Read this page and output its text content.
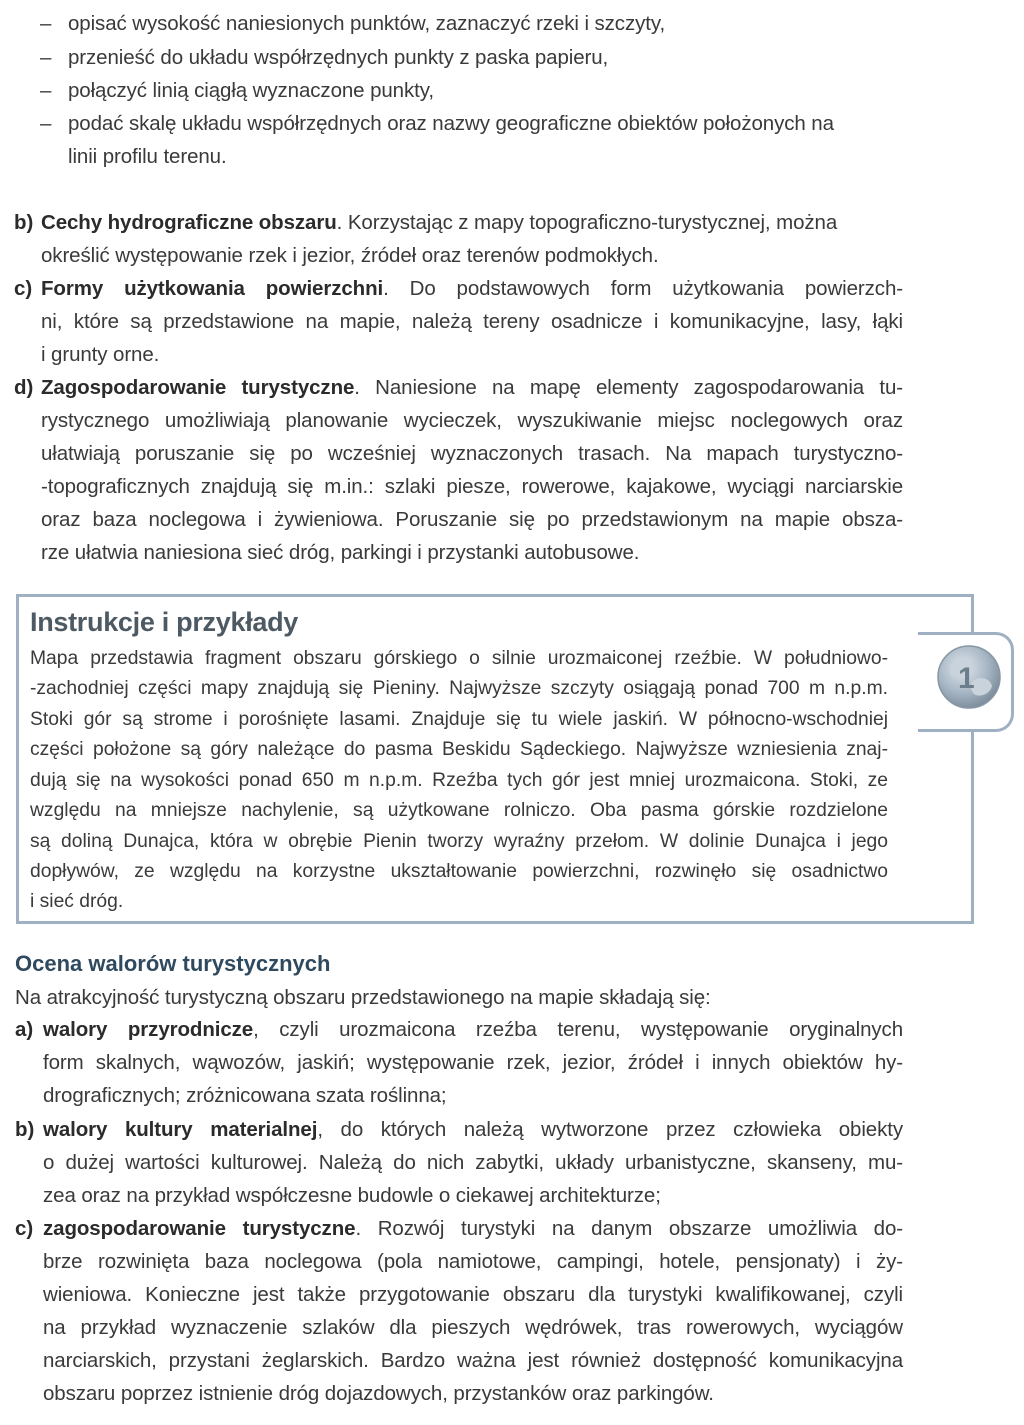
– opisać wysokość naniesionych punktów, zaznaczyć rzeki i szczyty,
– przenieść do układu współrzędnych punkty z paska papieru,
– połączyć linią ciągłą wyznaczone punkty,
– podać skalę układu współrzędnych oraz nazwy geograficzne obiektów położonych na
linii profilu terenu.
b) Cechy hydrograficzne obszaru. Korzystając z mapy topograficzno-turystycznej, można
określić występowanie rzek i jezior, źródeł oraz terenów podmokłych.
c) Formy użytkowania powierzchni. Do podstawowych form użytkowania powierzch-
ni, które są przedstawione na mapie, należą tereny osadnicze i komunikacyjne, lasy, łąki
i grunty orne.
d) Zagospodarowanie turystyczne. Naniesione na mapę elementy zagospodarowania tu-
rystycznego umożliwiają planowanie wycieczek, wyszukiwanie miejsc noclegowych oraz
ułatwiają poruszanie się po wcześniej wyznaczonych trasach. Na mapach turystyczno-
-topograficznych znajdują się m.in.: szlaki piesze, rowerowe, kajakowe, wyciągi narciarskie
oraz baza noclegowa i żywieniowa. Poruszanie się po przedstawionym na mapie obsza-
rze ułatwia naniesiona sieć dróg, parkingi i przystanki autobusowe.
1
Instrukcje i przykłady
Mapa przedstawia fragment obszaru górskiego o silnie urozmaiconej rzeźbie. W południowo-
-zachodniej części mapy znajdują się Pieniny. Najwyższe szczyty osiągają ponad 700 m n.p.m.
Stoki gór są strome i porośnięte lasami. Znajduje się tu wiele jaskiń. W północno-wschodniej
części położone są góry należące do pasma Beskidu Sądeckiego. Najwyższe wzniesienia znaj-
dują się na wysokości ponad 650 m n.p.m. Rzeźba tych gór jest mniej urozmaicona. Stoki, ze
względu na mniejsze nachylenie, są użytkowane rolniczo. Oba pasma górskie rozdzielone
są doliną Dunajca, która w obrębie Pienin tworzy wyraźny przełom. W dolinie Dunajca i jego
dopływów, ze względu na korzystne ukształtowanie powierzchni, rozwinęło się osadnictwo
i sieć dróg.
Ocena walorów turystycznych
Na atrakcyjność turystyczną obszaru przedstawionego na mapie składają się:
a) walory przyrodnicze, czyli urozmaicona rzeźba terenu, występowanie oryginalnych
form skalnych, wąwozów, jaskiń; występowanie rzek, jezior, źródeł i innych obiektów hy-
drograficznych; zróżnicowana szata roślinna;
b) walory kultury materialnej, do których należą wytworzone przez człowieka obiekty
o dużej wartości kulturowej. Należą do nich zabytki, układy urbanistyczne, skanseny, mu-
zea oraz na przykład współczesne budowle o ciekawej architekturze;
c) zagospodarowanie turystyczne. Rozwój turystyki na danym obszarze umożliwia do-
brze rozwinięta baza noclegowa (pola namiotowe, campingi, hotele, pensjonaty) i ży-
wieniowa. Konieczne jest także przygotowanie obszaru dla turystyki kwalifikowanej, czyli
na przykład wyznaczenie szlaków dla pieszych wędrówek, tras rowerowych, wyciągów
narciarskich, przystani żeglarskich. Bardzo ważna jest również dostępność komunikacyjna
obszaru poprzez istnienie dróg dojazdowych, przystanków oraz parkingów.
